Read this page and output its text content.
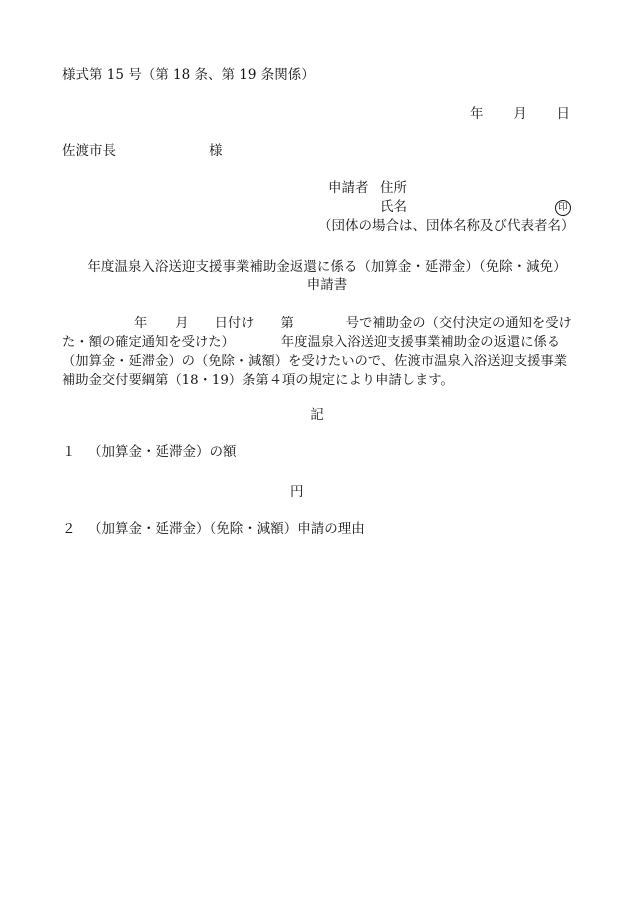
様式第 15 号（第 18 条、第 19 条関係）
年 月 日
佐渡市長	様
申請者 住所
氏名	印
（団体の場合は、団体名称及び代表者名）
年度温泉入浴送迎支援事業補助金返還に係る（加算金・延滞金）（免除・減免）
申請書
年 月 日付け 第	号で補助金の（交付決定の通知を受けた・額の確定通知を受けた）	年度温泉入浴送迎支援事業補助金の返還に係る（加算金・延滞金）の（免除・減額）を受けたいので、佐渡市温泉入浴送迎支援事業補助金交付要綱第（18・19）条第４項の規定により申請します。
記
１ （加算金・延滞金）の額
円
２ （加算金・延滞金）（免除・減額）申請の理由
